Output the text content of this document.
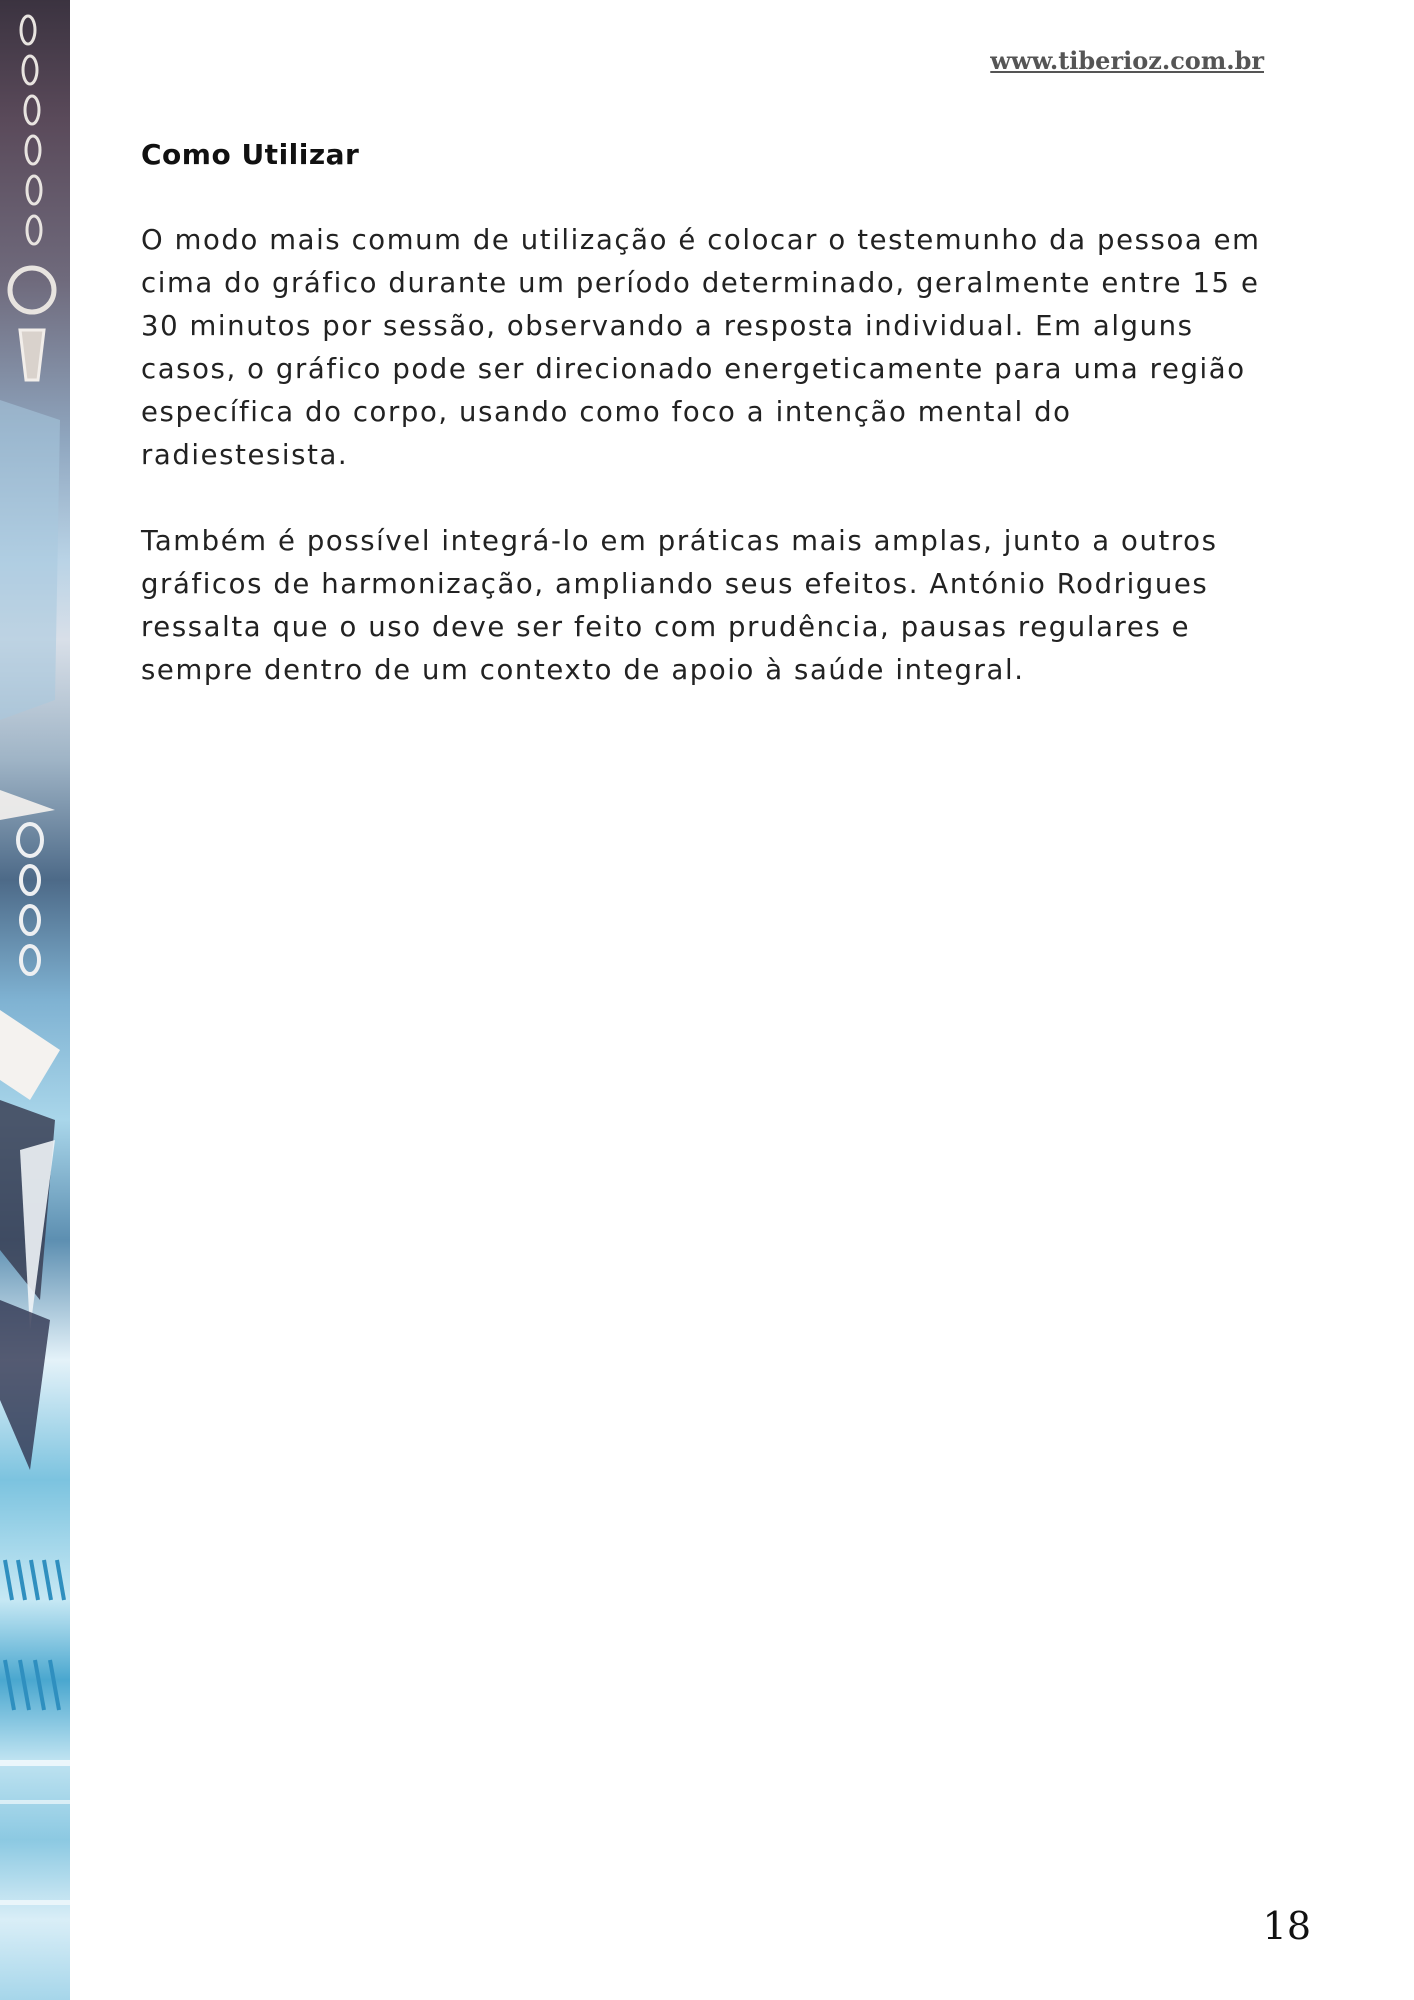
www.tiberioz.com.br
Como Utilizar

O modo mais comum de utilização é colocar o testemunho da pessoa em cima do gráfico durante um período determinado, geralmente entre 15 e 30 minutos por sessão, observando a resposta individual. Em alguns casos, o gráfico pode ser direcionado energeticamente para uma região específica do corpo, usando como foco a intenção mental do radiestesista.

Também é possível integrá-lo em práticas mais amplas, junto a outros gráficos de harmonização, ampliando seus efeitos. António Rodrigues ressalta que o uso deve ser feito com prudência, pausas regulares e sempre dentro de um contexto de apoio à saúde integral.

18
